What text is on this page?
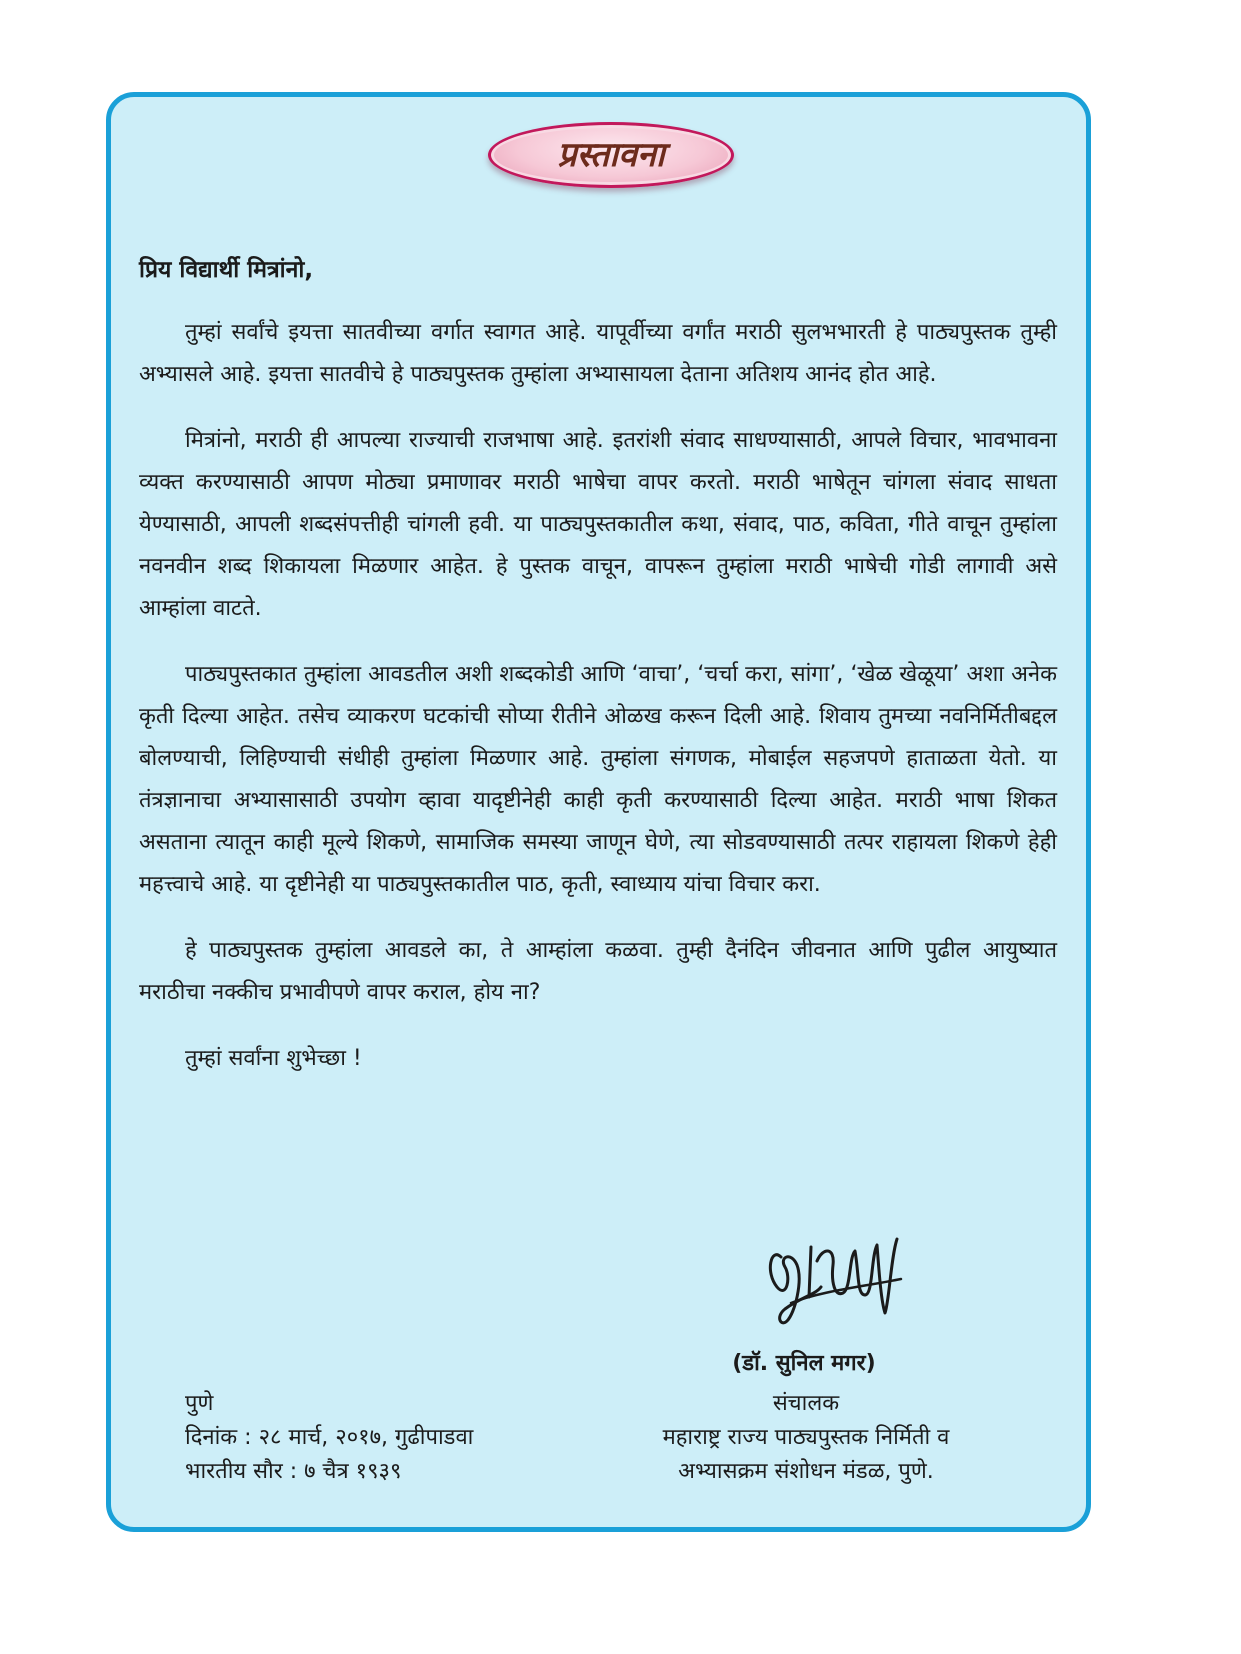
प्रस्तावना

प्रिय विद्यार्थी मित्रांनो,

तुम्हां सर्वांचे इयत्ता सातवीच्या वर्गात स्वागत आहे. यापूर्वीच्या वर्गांत मराठी सुलभभारती हे पाठ्यपुस्तक तुम्ही अभ्यासले आहे. इयत्ता सातवीचे हे पाठ्यपुस्तक तुम्हांला अभ्यासायला देताना अतिशय आनंद होत आहे.

मित्रांनो, मराठी ही आपल्या राज्याची राजभाषा आहे. इतरांशी संवाद साधण्यासाठी, आपले विचार, भावभावना व्यक्त करण्यासाठी आपण मोठ्या प्रमाणावर मराठी भाषेचा वापर करतो. मराठी भाषेतून चांगला संवाद साधता येण्यासाठी, आपली शब्दसंपत्तीही चांगली हवी. या पाठ्यपुस्तकातील कथा, संवाद, पाठ, कविता, गीते वाचून तुम्हांला नवनवीन शब्द शिकायला मिळणार आहेत. हे पुस्तक वाचून, वापरून तुम्हांला मराठी भाषेची गोडी लागावी असे आम्हांला वाटते.

पाठ्यपुस्तकात तुम्हांला आवडतील अशी शब्दकोडी आणि ‘वाचा’, ‘चर्चा करा, सांगा’, ‘खेळ खेळूया’ अशा अनेक कृती दिल्या आहेत. तसेच व्याकरण घटकांची सोप्या रीतीने ओळख करून दिली आहे. शिवाय तुमच्या नवनिर्मितीबद्दल बोलण्याची, लिहिण्याची संधीही तुम्हांला मिळणार आहे. तुम्हांला संगणक, मोबाईल सहजपणे हाताळता येतो. या तंत्रज्ञानाचा अभ्यासासाठी उपयोग व्हावा यादृष्टीनेही काही कृती करण्यासाठी दिल्या आहेत. मराठी भाषा शिकत असताना त्यातून काही मूल्ये शिकणे, सामाजिक समस्या जाणून घेणे, त्या सोडवण्यासाठी तत्पर राहायला शिकणे हेही महत्त्वाचे आहे. या दृष्टीनेही या पाठ्यपुस्तकातील पाठ, कृती, स्वाध्याय यांचा विचार करा.

हे पाठ्यपुस्तक तुम्हांला आवडले का, ते आम्हांला कळवा. तुम्ही दैनंदिन जीवनात आणि पुढील आयुष्यात मराठीचा नक्कीच प्रभावीपणे वापर कराल, होय ना?

तुम्हां सर्वांना शुभेच्छा !

(डॉ. सुनिल मगर)
संचालक
महाराष्ट्र राज्य पाठ्यपुस्तक निर्मिती व
अभ्यासक्रम संशोधन मंडळ, पुणे.
पुणे
दिनांक : २८ मार्च, २०१७, गुढीपाडवा
भारतीय सौर : ७ चैत्र १९३९
